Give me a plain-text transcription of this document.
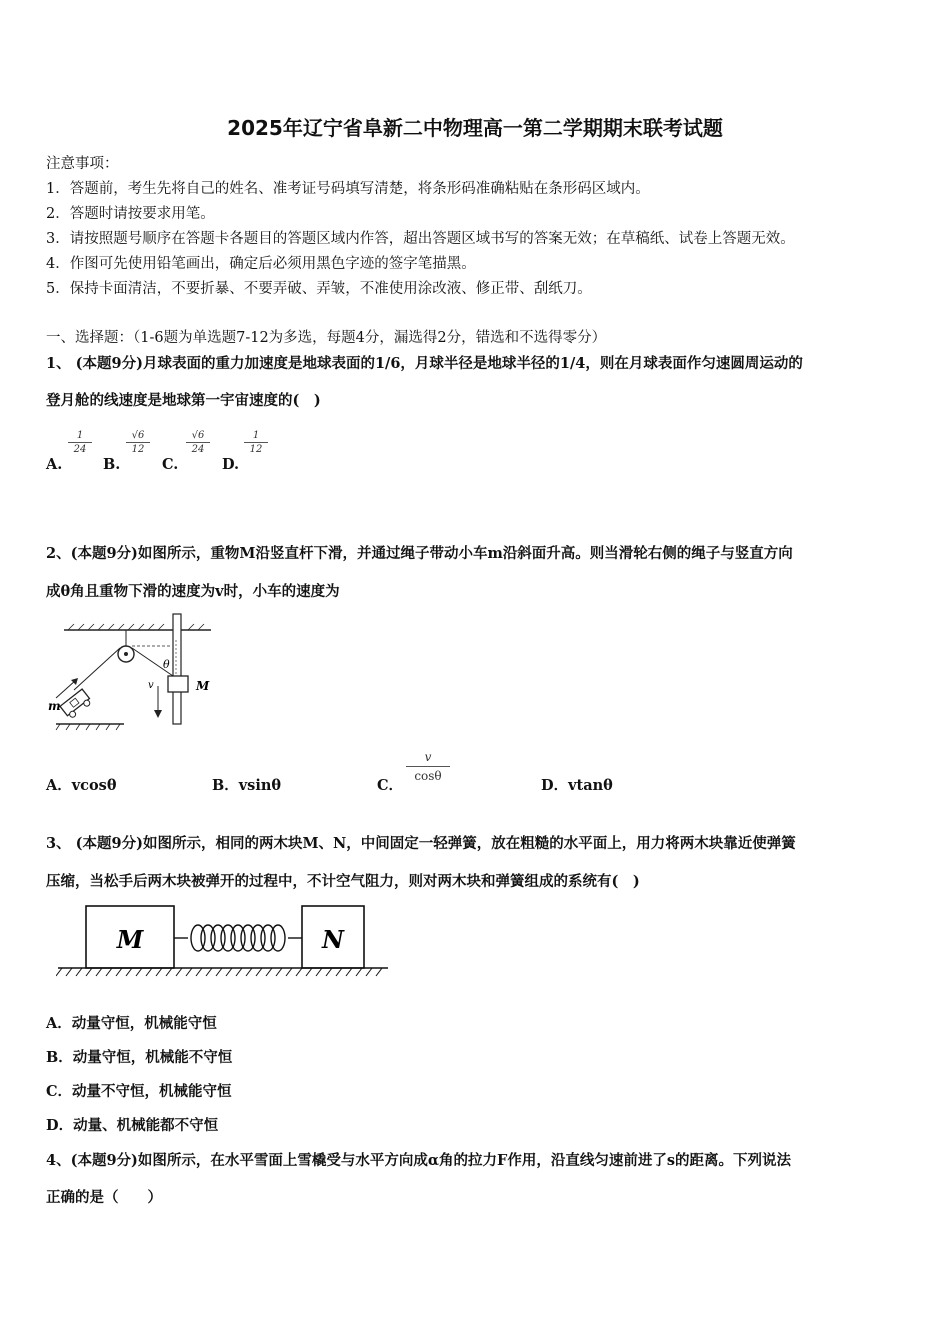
2025年辽宁省阜新二中物理高一第二学期期末联考试题
注意事项：
1．答题前，考生先将自己的姓名、准考证号码填写清楚，将条形码准确粘贴在条形码区域内。
2．答题时请按要求用笔。
3．请按照题号顺序在答题卡各题目的答题区域内作答，超出答题区域书写的答案无效；在草稿纸、试卷上答题无效。
4．作图可先使用铅笔画出，确定后必须用黑色字迹的签字笔描黑。
5．保持卡面清洁，不要折暴、不要弄破、弄皱，不准使用涂改液、修正带、刮纸刀。
一、选择题：（1-6题为单选题7-12为多选，每题4分，漏选得2分，错选和不选得零分）
1、 (本题9分)月球表面的重力加速度是地球表面的1/6，月球半径是地球半径的1/4，则在月球表面作匀速圆周运动的
登月舱的线速度是地球第一宇宙速度的(　)
A.
1
24
B.
√6
12
C.
√6
24
D.
1
12
2、(本题9分)如图所示，重物M沿竖直杆下滑，并通过绳子带动小车m沿斜面升高。则当滑轮右侧的绳子与竖直方向
成θ角且重物下滑的速度为v时，小车的速度为
θ
M
v
m
A．vcosθ	B．vsinθ	C．
v
cosθ
D．vtanθ
3、 (本题9分)如图所示，相同的两木块M、N，中间固定一轻弹簧，放在粗糙的水平面上，用力将两木块靠近使弹簧
压缩，当松手后两木块被弹开的过程中，不计空气阻力，则对两木块和弹簧组成的系统有(　)
M	N
A．动量守恒，机械能守恒
B．动量守恒，机械能不守恒
C．动量不守恒，机械能守恒
D．动量、机械能都不守恒
4、(本题9分)如图所示，在水平雪面上雪橇受与水平方向成α角的拉力F作用，沿直线匀速前进了s的距离。下列说法
正确的是（　　）
